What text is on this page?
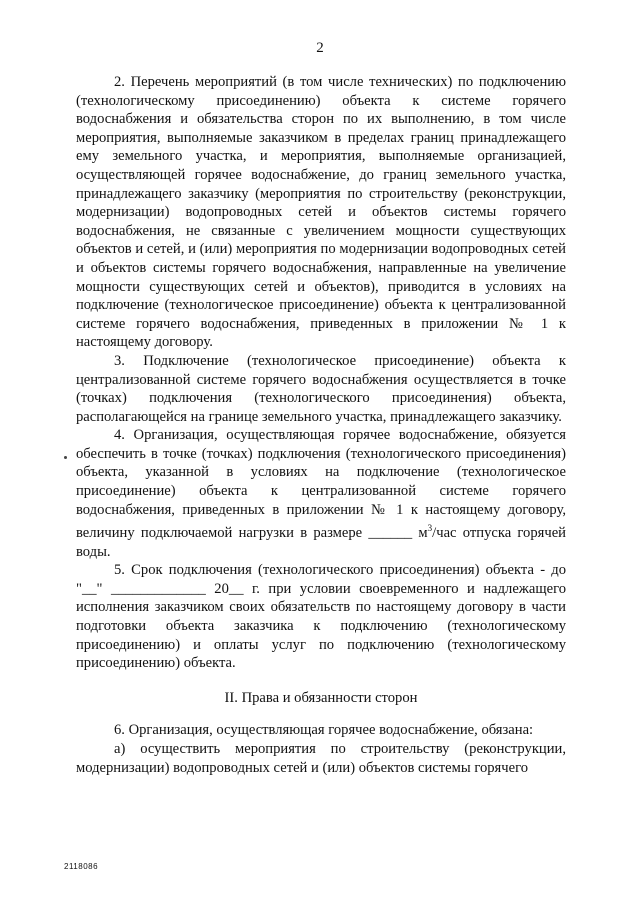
2

2. Перечень мероприятий (в том числе технических) по подключению (технологическому присоединению) объекта к системе горячего водоснабжения и обязательства сторон по их выполнению, в том числе мероприятия, выполняемые заказчиком в пределах границ принадлежащего ему земельного участка, и мероприятия, выполняемые организацией, осуществляющей горячее водоснабжение, до границ земельного участка, принадлежащего заказчику (мероприятия по строительству (реконструкции, модернизации) водопроводных сетей и объектов системы горячего водоснабжения, не связанные с увеличением мощности существующих объектов и сетей, и (или) мероприятия по модернизации водопроводных сетей и объектов системы горячего водоснабжения, направленные на увеличение мощности существующих сетей и объектов), приводится в условиях на подключение (технологическое присоединение) объекта к централизованной системе горячего водоснабжения, приведенных в приложении № 1 к настоящему договору.

3. Подключение (технологическое присоединение) объекта к централизованной системе горячего водоснабжения осуществляется в точке (точках) подключения (технологического присоединения) объекта, располагающейся на границе земельного участка, принадлежащего заказчику.

4. Организация, осуществляющая горячее водоснабжение, обязуется обеспечить в точке (точках) подключения (технологического присоединения) объекта, указанной в условиях на подключение (технологическое присоединение) объекта к централизованной системе горячего водоснабжения, приведенных в приложении № 1 к настоящему договору, величину подключаемой нагрузки в размере ______ $м^3$/час отпуска горячей воды.

5. Срок подключения (технологического присоединения) объекта - до "__" _____________ 20__ г. при условии своевременного и надлежащего исполнения заказчиком своих обязательств по настоящему договору в части подготовки объекта заказчика к подключению (технологическому присоединению) и оплаты услуг по подключению (технологическому присоединению) объекта.

II. Права и обязанности сторон

6. Организация, осуществляющая горячее водоснабжение, обязана:

а) осуществить мероприятия по строительству (реконструкции, модернизации) водопроводных сетей и (или) объектов системы горячего

2118086
